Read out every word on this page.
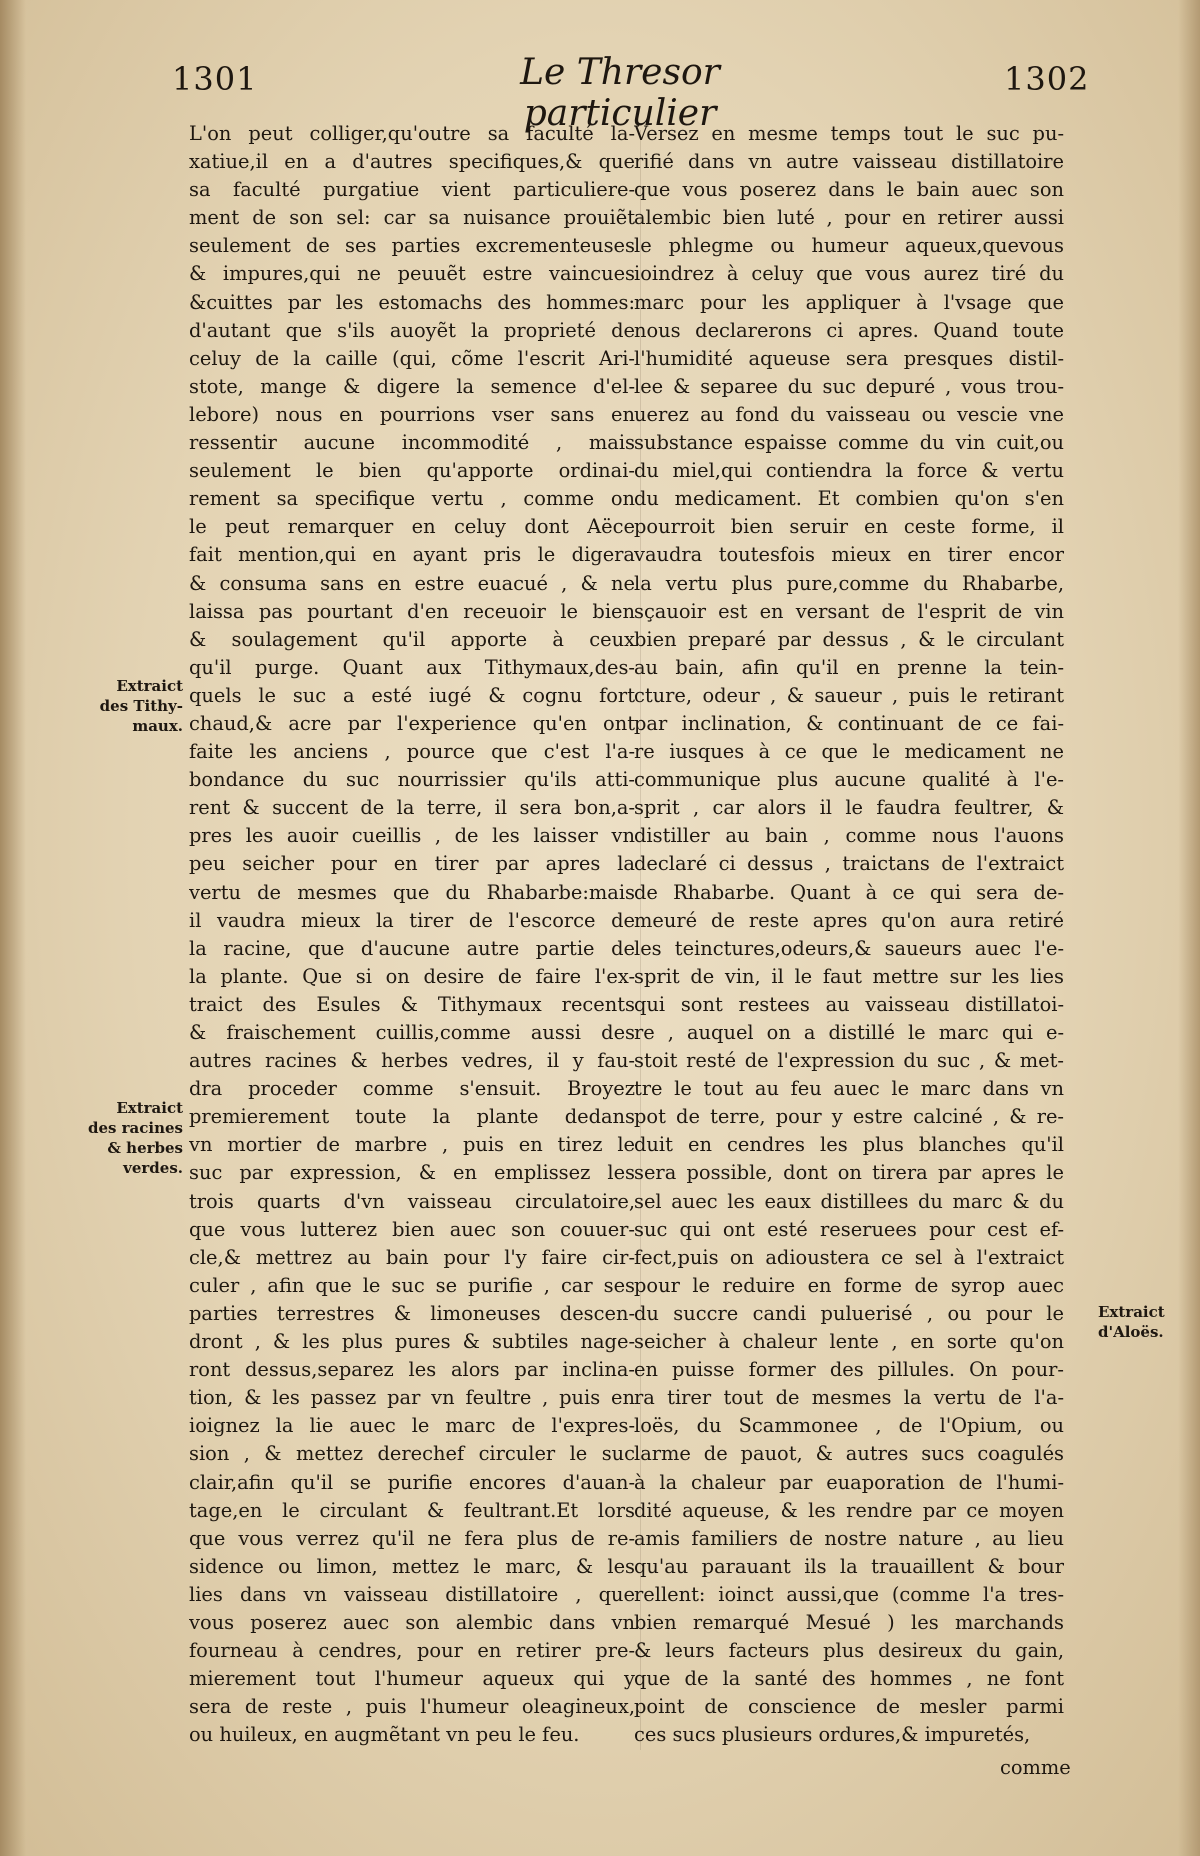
1301	Le Thresor particulier
1302
L'on peut colliger,qu'outre sa faculté la-
xatiue,il en a d'autres specifiques,& que
sa faculté purgatiue vient particuliere-
ment de son sel: car sa nuisance prouiẽt
seulement de ses parties excrementeuses
& impures,qui ne peuuẽt estre vaincues
&cuittes par les estomachs des hommes:
d'autant que s'ils auoyẽt la proprieté de
celuy de la caille (qui, cõme l'escrit Ari-
stote, mange & digere la semence d'el-
lebore) nous en pourrions vser sans en
ressentir aucune incommodité , mais
seulement le bien qu'apporte ordinai-
rement sa specifique vertu , comme on
le peut remarquer en celuy dont Aëce
fait mention,qui en ayant pris le digera
& consuma sans en estre euacué , & ne
laissa pas pourtant d'en receuoir le bien
& soulagement qu'il apporte à ceux
qu'il purge. Quant aux Tithymaux,des-
quels le suc a esté iugé & cognu fort
chaud,& acre par l'experience qu'en ont
faite les anciens , pource que c'est l'a-
bondance du suc nourrissier qu'ils atti-
rent & succent de la terre, il sera bon,a-
pres les auoir cueillis , de les laisser vn
peu seicher pour en tirer par apres la
vertu de mesmes que du Rhabarbe:mais
il vaudra mieux la tirer de l'escorce de
la racine, que d'aucune autre partie de
la plante. Que si on desire de faire l'ex-
traict des Esules & Tithymaux recents
& fraischement cuillis,comme aussi des
autres racines & herbes vedres, il y fau-
dra proceder comme s'ensuit. Broyez
premierement toute la plante dedans
vn mortier de marbre , puis en tirez le
suc par expression, & en emplissez les
trois quarts d'vn vaisseau circulatoire,
que vous lutterez bien auec son couuer-
cle,& mettrez au bain pour l'y faire cir-
culer , afin que le suc se purifie , car ses
parties terrestres & limoneuses descen-
dront , & les plus pures & subtiles nage-
ront dessus,separez les alors par inclina-
tion, & les passez par vn feultre , puis en
ioignez la lie auec le marc de l'expres-
sion , & mettez derechef circuler le suc
clair,afin qu'il se purifie encores d'auan-
tage,en le circulant & feultrant.Et lors
que vous verrez qu'il ne fera plus de re-
sidence ou limon, mettez le marc, & les
lies dans vn vaisseau distillatoire , que
vous poserez auec son alembic dans vn
fourneau à cendres, pour en retirer pre-
mierement tout l'humeur aqueux qui y
sera de reste , puis l'humeur oleagineux,
ou huileux, en augmẽtant vn peu le feu.
Versez en mesme temps tout le suc pu-
rifié dans vn autre vaisseau distillatoire
que vous poserez dans le bain auec son
alembic bien luté , pour en retirer aussi
le phlegme ou humeur aqueux,quevous
ioindrez à celuy que vous aurez tiré du
marc pour les appliquer à l'vsage que
nous declarerons ci apres. Quand toute
l'humidité aqueuse sera presques distil-
lee & separee du suc depuré , vous trou-
uerez au fond du vaisseau ou vescie vne
substance espaisse comme du vin cuit,ou
du miel,qui contiendra la force & vertu
du medicament. Et combien qu'on s'en
pourroit bien seruir en ceste forme, il
vaudra toutesfois mieux en tirer encor
la vertu plus pure,comme du Rhabarbe,
sçauoir est en versant de l'esprit de vin
bien preparé par dessus , & le circulant
au bain, afin qu'il en prenne la tein-
cture, odeur , & saueur , puis le retirant
par inclination, & continuant de ce fai-
re iusques à ce que le medicament ne
communique plus aucune qualité à l'e-
sprit , car alors il le faudra feultrer, &
distiller au bain , comme nous l'auons
declaré ci dessus , traictans de l'extraict
de Rhabarbe. Quant à ce qui sera de-
meuré de reste apres qu'on aura retiré
les teinctures,odeurs,& saueurs auec l'e-
sprit de vin, il le faut mettre sur les lies
qui sont restees au vaisseau distillatoi-
re , auquel on a distillé le marc qui e-
stoit resté de l'expression du suc , & met-
tre le tout au feu auec le marc dans vn
pot de terre, pour y estre calciné , & re-
duit en cendres les plus blanches qu'il
sera possible, dont on tirera par apres le
sel auec les eaux distillees du marc & du
suc qui ont esté reseruees pour cest ef-
fect,puis on adioustera ce sel à l'extraict
pour le reduire en forme de syrop auec
du succre candi puluerisé , ou pour le
seicher à chaleur lente , en sorte qu'on
en puisse former des pillules. On pour-
ra tirer tout de mesmes la vertu de l'a-
loës, du Scammonee , de l'Opium, ou
larme de pauot, & autres sucs coagulés
à la chaleur par euaporation de l'humi-
dité aqueuse, & les rendre par ce moyen
amis familiers de nostre nature , au lieu
qu'au parauant ils la trauaillent & bour
rellent: ioinct aussi,que (comme l'a tres-
bien remarqué Mesué ) les marchands
& leurs facteurs plus desireux du gain,
que de la santé des hommes , ne font
point de conscience de mesler parmi
ces sucs plusieurs ordures,& impuretés,
Extraict
des Tithy-
maux.
Extraict
des racines
& herbes
verdes.
Extraict
d'Aloës.
comme
